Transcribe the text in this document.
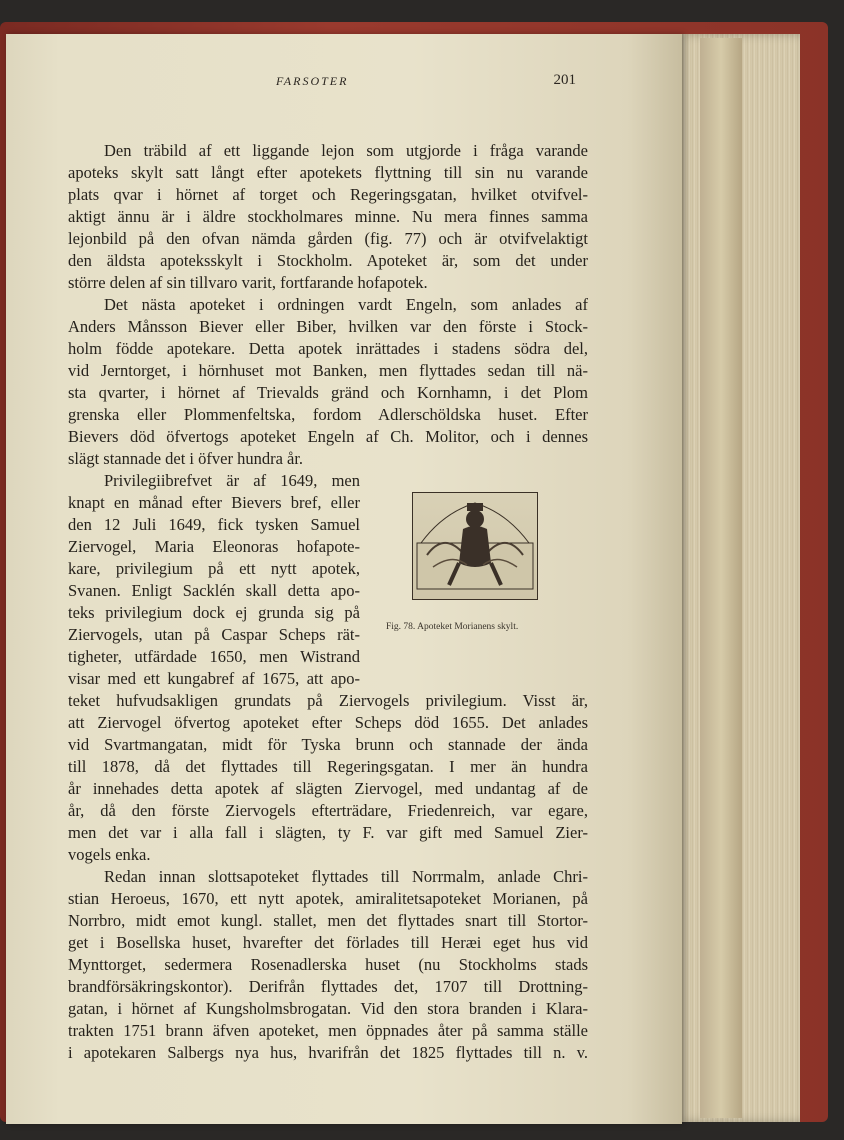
FARSOTER	201
Den träbild af ett liggande lejon som utgjorde i fråga varande
apoteks skylt satt långt efter apotekets flyttning till sin nu varande
plats qvar i hörnet af torget och Regeringsgatan, hvilket otvifvel-
aktigt ännu är i äldre stockholmares minne. Nu mera finnes samma
lejonbild på den ofvan nämda gården (fig. 77) och är otvifvelaktigt
den äldsta apoteksskylt i Stockholm. Apoteket är, som det under
större delen af sin tillvaro varit, fortfarande hofapotek.
Det nästa apoteket i ordningen vardt Engeln, som anlades af
Anders Månsson Biever eller Biber, hvilken var den förste i Stock-
holm födde apotekare. Detta apotek inrättades i stadens södra del,
vid Jerntorget, i hörnhuset mot Banken, men flyttades sedan till nä-
sta qvarter, i hörnet af Trievalds gränd och Kornhamn, i det Plom
grenska eller Plommenfeltska, fordom Adlerschöldska huset. Efter
Bievers död öfvertogs apoteket Engeln af Ch. Molitor, och i dennes
slägt stannade det i öfver hundra år.
Privilegiibrefvet är af 1649, men
knapt en månad efter Bievers bref, eller
den 12 Juli 1649, fick tysken Samuel
Ziervogel, Maria Eleonoras hofapote-
kare, privilegium på ett nytt apotek,
Svanen. Enligt Sacklén skall detta apo-
teks privilegium dock ej grunda sig på
Ziervogels, utan på Caspar Scheps rät-
tigheter, utfärdade 1650, men Wistrand
visar med ett kungabref af 1675, att apo-
teket hufvudsakligen grundats på Ziervogels privilegium. Visst är,
att Ziervogel öfvertog apoteket efter Scheps död 1655. Det anlades
vid Svartmangatan, midt för Tyska brunn och stannade der ända
till 1878, då det flyttades till Regeringsgatan. I mer än hundra
år innehades detta apotek af slägten Ziervogel, med undantag af de
år, då den förste Ziervogels efterträdare, Friedenreich, var egare,
men det var i alla fall i slägten, ty F. var gift med Samuel Zier-
vogels enka.
Redan innan slottsapoteket flyttades till Norrmalm, anlade Chri-
stian Heroeus, 1670, ett nytt apotek, amiralitetsapoteket Morianen, på
Norrbro, midt emot kungl. stallet, men det flyttades snart till Stortor-
get i Bosellska huset, hvarefter det förlades till Heræi eget hus vid
Mynttorget, sedermera Rosenadlerska huset (nu Stockholms stads
brandförsäkringskontor). Derifrån flyttades det, 1707 till Drottning-
gatan, i hörnet af Kungsholmsbrogatan. Vid den stora branden i Klara-
trakten 1751 brann äfven apoteket, men öppnades åter på samma ställe
i apotekaren Salbergs nya hus, hvarifrån det 1825 flyttades till n. v.
Fig. 78. Apoteket Morianens skylt.
